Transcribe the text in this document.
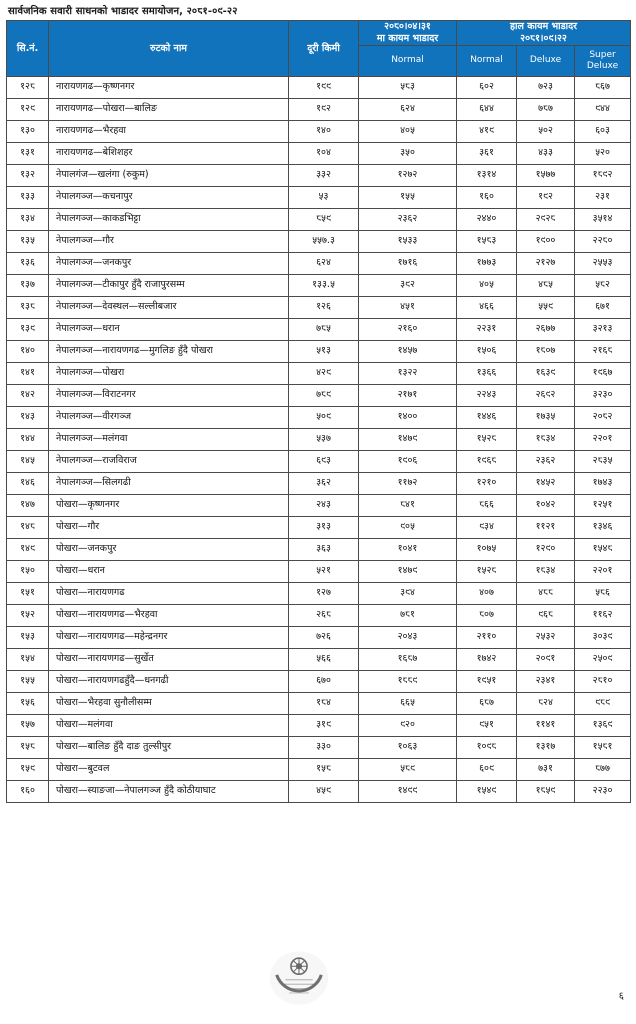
सार्वजनिक सवारी साधनको भाडादर समायोजन, २०८१-०९-२२
सि.नं.	रुटको नाम	दूरी किमी	२०८०।०४।३१
मा कायम भाडादर	हाल कायम भाडादर
२०८१।०९।२२		

			Normal	Normal	Deluxe	Super
Deluxe

१२८	नारायणगढ—कृष्णनगर	१९९	५८३	६०२	७२३	८६७
१२९	नारायणगढ—पोखरा—बालिङ	१९२	६२४	६४४	७८७	९४४
१३०	नारायणगढ—भैरहवा	१४०	४०५	४१९	५०२	६०३
१३१	नारायणगढ—बेशिशहर	१०४	३५०	३६१	४३३	५२०
१३२	नेपालगंज—खलंगा (रुकुम)	३३२	१२७२	१३१४	१५७७	१८९२
१३३	नेपालगञ्ज—कचनापुर	५३	१५५	१६०	१९२	२३१
१३४	नेपालगञ्ज—काकडभिट्टा	८५९	२३६२	२४४०	२९२८	३५१४
१३५	नेपालगञ्ज—गौर	५५७.३	१५३३	१५८३	१९००	२२८०
१३६	नेपालगञ्ज—जनकपुर	६२४	१७१६	१७७३	२१२७	२५५३
१३७	नेपालगञ्ज—टीकापुर हुँदै राजापुरसम्म	१३३.५	३९२	४०५	४८५	५८२
१३८	नेपालगञ्ज—देवस्थल—सल्लीबजार	१२६	४५१	४६६	५५९	६७१
१३९	नेपालगञ्ज—धरान	७८५	२१६०	२२३१	२६७७	३२१३
१४०	नेपालगञ्ज—नारायणगढ—मुगलिङ हुँदै पोखरा	५१३	१४५७	१५०६	१८०७	२१६८
१४१	नेपालगञ्ज—पोखरा	४२९	१३२२	१३६६	१६३९	१९६७
१४२	नेपालगञ्ज—विराटनगर	७८९	२१७१	२२४३	२६९२	३२३०
१४३	नेपालगञ्ज—वीरगञ्ज	५०९	१४००	१४४६	१७३५	२०८२
१४४	नेपालगञ्ज—मलंगवा	५३७	१४७९	१५२८	१८३४	२२०१
१४५	नेपालगञ्ज—राजविराज	६९३	१९०६	१९६८	२३६२	२८३५
१४६	नेपालगञ्ज—सिलगढी	३६२	११७२	१२१०	१४५२	१७४३
१४७	पोखरा—कृष्णनगर	२४३	८४१	८६६	१०४२	१२५१
१४८	पोखरा—गौर	३१३	९०५	९३४	११२१	१३४६
१४९	पोखरा—जनकपुर	३६३	१०४१	१०७५	१२९०	१५४८
१५०	पोखरा—धरान	५२१	१४७९	१५२८	१८३४	२२०१
१५१	पोखरा—नारायणगढ	१२७	३९४	४०७	४८८	५८६
१५२	पोखरा—नारायणगढ—भैरहवा	२६८	७८१	८०७	९६८	११६२
१५३	पोखरा—नारायणगढ—महेन्द्रनगर	७२६	२०४३	२११०	२५३२	३०३९
१५४	पोखरा—नारायणगढ—सुर्खेत	५६६	१६८७	१७४२	२०९१	२५०९
१५५	पोखरा—नारायणगढहुँदै—धनगढी	६७०	१८८९	१९५१	२३४१	२८१०
१५६	पोखरा—भैरहवा सुनौलीसम्म	१८४	६६५	६८७	८२४	९८९
१५७	पोखरा—मलंगवा	३१९	९२०	९५१	११४१	१३६९
१५८	पोखरा—बालिङ हुँदै दाङ तुल्सीपुर	३३०	१०६३	१०९८	१३१७	१५८१
१५९	पोखरा—बुटवल	१५८	५८९	६०९	७३१	८७७
१६०	पोखरा—स्याङजा—नेपालगञ्ज हुँदै कोठीयाघाट	४५९	१४९९	१५४९	१८५९	२२३०
६
